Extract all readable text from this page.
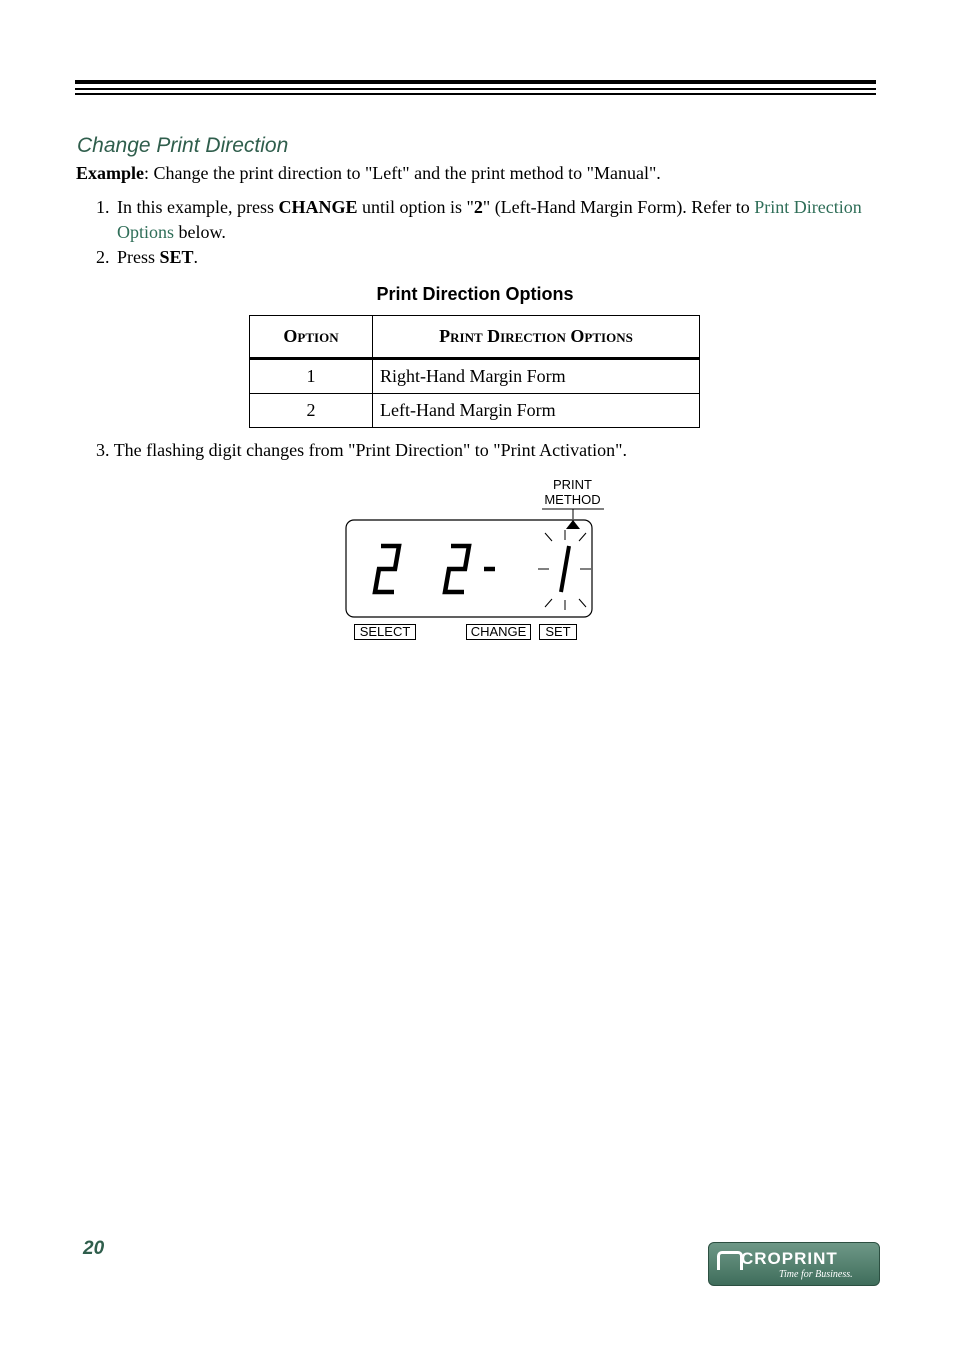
Change Print Direction

Example: Change the print direction to "Left" and the print method to "Manual".

1. In this example, press CHANGE until option is "2" (Left-Hand Margin Form). Refer to Print Direction Options below.
2. Press SET.
Print Direction Options
Option	Print Direction Options
1	Right-Hand Margin Form
2	Left-Hand Margin Form
3. The flashing digit changes from "Print Direction" to "Print Activation".
PRINT
METHOD
SELECT	CHANGE	SET
20	CROPRINT
Time for Business.
